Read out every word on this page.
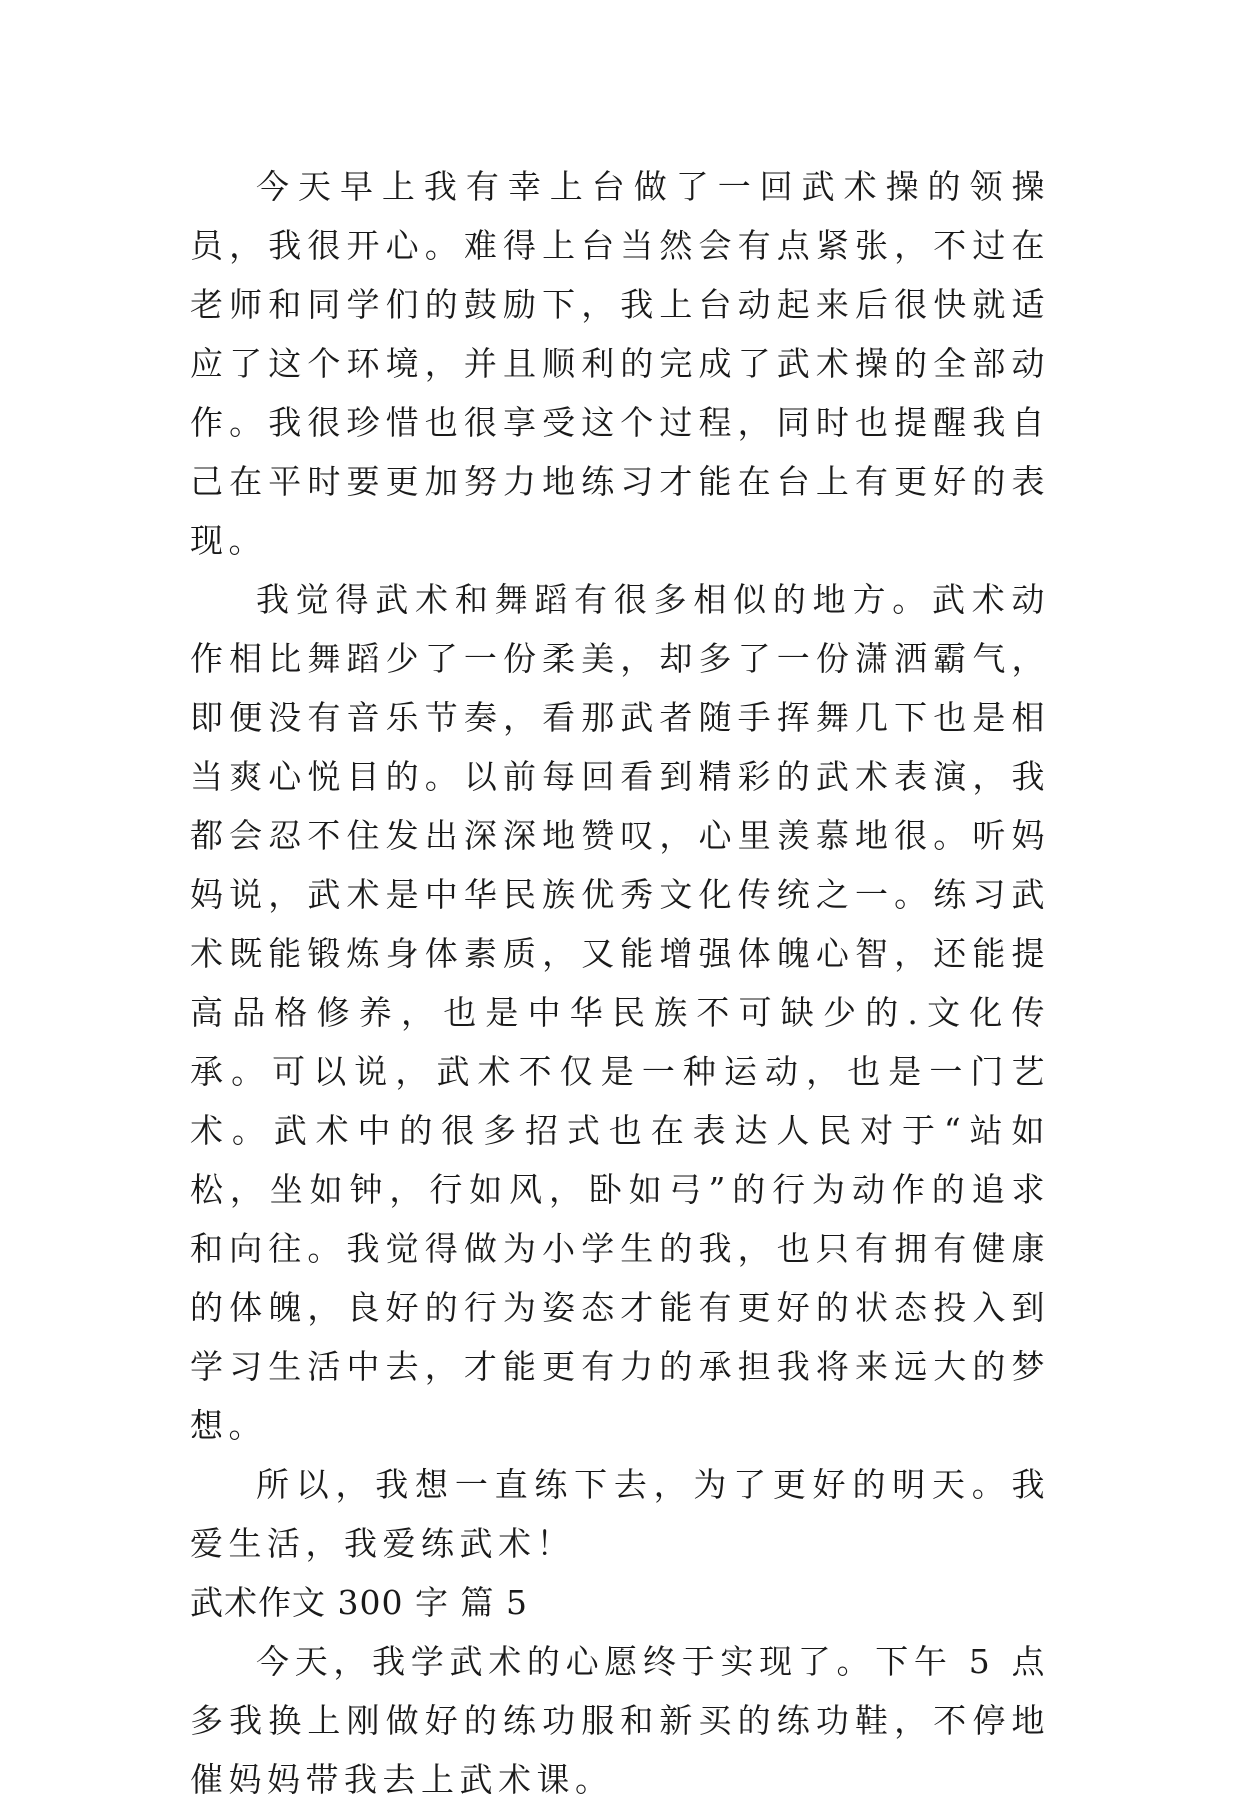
今天早上我有幸上台做了一回武术操的领操员，我很开心。难得上台当然会有点紧张，不过在老师和同学们的鼓励下，我上台动起来后很快就适应了这个环境，并且顺利的完成了武术操的全部动作。我很珍惜也很享受这个过程，同时也提醒我自己在平时要更加努力地练习才能在台上有更好的表现。

我觉得武术和舞蹈有很多相似的地方。武术动作相比舞蹈少了一份柔美，却多了一份潇洒霸气，即便没有音乐节奏，看那武者随手挥舞几下也是相当爽心悦目的。以前每回看到精彩的武术表演，我都会忍不住发出深深地赞叹，心里羡慕地很。听妈妈说，武术是中华民族优秀文化传统之一。练习武术既能锻炼身体素质，又能增强体魄心智，还能提高品格修养，也是中华民族不可缺少的.文化传承。可以说，武术不仅是一种运动，也是一门艺术。武术中的很多招式也在表达人民对于“站如松，坐如钟，行如风，卧如弓”的行为动作的追求和向往。我觉得做为小学生的我，也只有拥有健康的体魄，良好的行为姿态才能有更好的状态投入到学习生活中去，才能更有力的承担我将来远大的梦想。

所以，我想一直练下去，为了更好的明天。我爱生活，我爱练武术！

武术作文 300 字 篇 5

今天，我学武术的心愿终于实现了。下午 5 点多我换上刚做好的练功服和新买的练功鞋，不停地催妈妈带我去上武术课。
